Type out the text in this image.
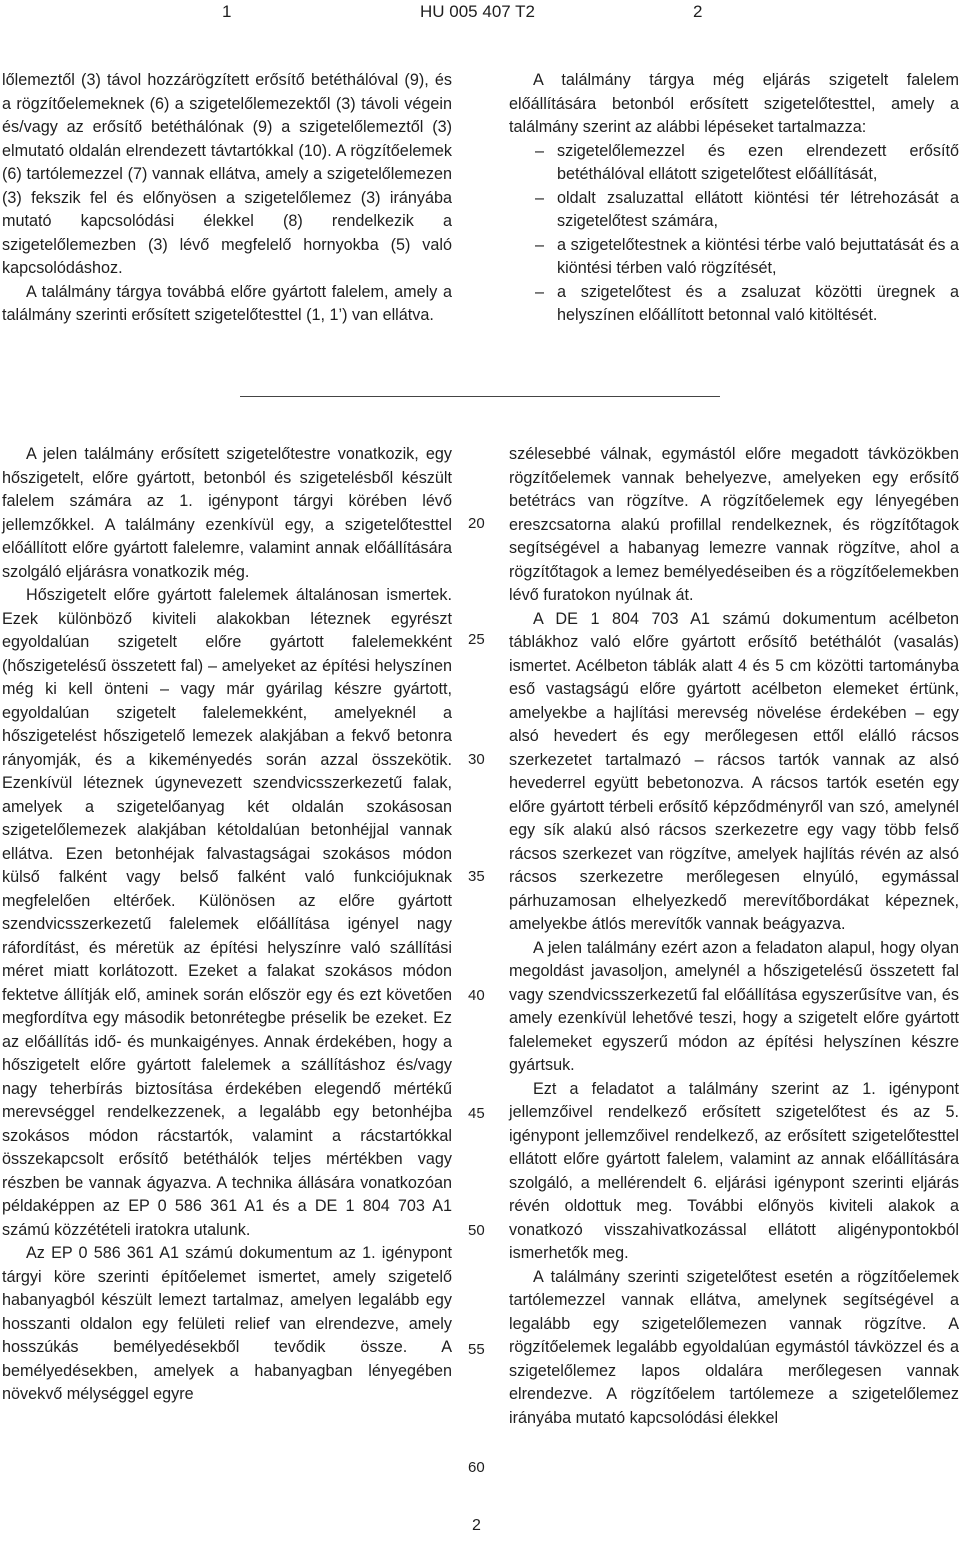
1	HU 005 407 T2	2

lőlemeztől (3) távol hozzárögzített erősítő betéthálóval (9), és a rögzítőelemeknek (6) a szigetelőlemezektől (3) távoli végein és/vagy az erősítő betéthálónak (9) a szigetelőlemeztől (3) elmutató oldalán elrendezett távtartókkal (10). A rögzítőelemek (6) tartólemezzel (7) vannak ellátva, amely a szigetelőlemezen (3) fekszik fel és előnyösen a szigetelőlemez (3) irányába mutató kapcsolódási élekkel (8) rendelkezik a szigetelőlemezben (3) lévő megfelelő hornyokba (5) való kapcsolódáshoz.

A találmány tárgya továbbá előre gyártott falelem, amely a találmány szerinti erősített szigetelőtesttel (1, 1’) van ellátva.

A találmány tárgya még eljárás szigetelt falelem előállítására betonból erősített szigetelőtesttel, amely a találmány szerint az alábbi lépéseket tartalmazza:

– szigetelőlemezzel és ezen elrendezett erősítő betéthálóval ellátott szigetelőtest előállítását,
– oldalt zsaluzattal ellátott kiöntési tér létrehozását a szigetelőtest számára,
– a szigetelőtestnek a kiöntési térbe való bejuttatását és a kiöntési térben való rögzítését,
– a szigetelőtest és a zsaluzat közötti üregnek a helyszínen előállított betonnal való kitöltését.

A jelen találmány erősített szigetelőtestre vonatkozik, egy hőszigetelt, előre gyártott, betonból és szigetelésből készült falelem számára az 1. igénypont tárgyi körében lévő jellemzőkkel. A találmány ezenkívül egy, a szigetelőtesttel előállított előre gyártott falelemre, valamint annak előállítására szolgáló eljárásra vonatkozik még.

Hőszigetelt előre gyártott falelemek általánosan ismertek. Ezek különböző kiviteli alakokban léteznek egyrészt egyoldalúan szigetelt előre gyártott falelemekként (hőszigetelésű összetett fal) – amelyeket az építési helyszínen még ki kell önteni – vagy már gyárilag készre gyártott, egyoldalúan szigetelt falelemekként, amelyeknél a hőszigetelést hőszigetelő lemezek alakjában a fekvő betonra rányomják, és a kikeményedés során azzal összekötik. Ezenkívül léteznek úgynevezett szendvicsszerkezetű falak, amelyek a szigetelőanyag két oldalán szokásosan szigetelőlemezek alakjában kétoldalúan betonhéjjal vannak ellátva. Ezen betonhéjak falvastagságai szokásos módon külső falként vagy belső falként való funkciójuknak megfelelően eltérőek. Különösen az előre gyártott szendvicsszerkezetű falelemek előállítása igényel nagy ráfordítást, és méretük az építési helyszínre való szállítási méret miatt korlátozott. Ezeket a falakat szokásos módon fektetve állítják elő, aminek során először egy és ezt követően megfordítva egy második betonrétegbe préselik be ezeket. Ez az előállítás idő- és munkaigényes. Annak érdekében, hogy a hőszigetelt előre gyártott falelemek a szállításhoz és/vagy nagy teherbírás biztosítása érdekében elegendő mértékű merevséggel rendelkezzenek, a legalább egy betonhéjba szokásos módon rácstartók, valamint a rácstartókkal összekapcsolt erősítő betéthálók teljes mértékben vagy részben be vannak ágyazva. A technika állására vonatkozóan példaképpen az EP 0 586 361 A1 és a DE 1 804 703 A1 számú közzétételi iratokra utalunk.

Az EP 0 586 361 A1 számú dokumentum az 1. igénypont tárgyi köre szerinti építőelemet ismertet, amely szigetelő habanyagból készült lemezt tartalmaz, amelyen legalább egy hosszanti oldalon egy felületi relief van elrendezve, amely hosszúkás bemélyedésekből tevődik össze. A bemélyedésekben, amelyek a habanyagban lényegében növekvő mélységgel egyre

szélesebbé válnak, egymástól előre megadott távközökben rögzítőelemek vannak behelyezve, amelyeken egy erősítő betétrács van rögzítve. A rögzítőelemek egy lényegében ereszcsatorna alakú profillal rendelkeznek, és rögzítőtagok segítségével a habanyag lemezre vannak rögzítve, ahol a rögzítőtagok a lemez bemélyedéseiben és a rögzítőelemekben lévő furatokon nyúlnak át.

A DE 1 804 703 A1 számú dokumentum acélbeton táblákhoz való előre gyártott erősítő betéthálót (vasalás) ismertet. Acélbeton táblák alatt 4 és 5 cm közötti tartományba eső vastagságú előre gyártott acélbeton elemeket értünk, amelyekbe a hajlítási merevség növelése érdekében – egy alsó hevedert és egy merőlegesen ettől elálló rácsos szerkezetet tartalmazó – rácsos tartók vannak az alsó hevederrel együtt bebetonozva. A rácsos tartók esetén egy előre gyártott térbeli erősítő képződményről van szó, amelynél egy sík alakú alsó rácsos szerkezetre egy vagy több felső rácsos szerkezet van rögzítve, amelyek hajlítás révén az alsó rácsos szerkezetre merőlegesen elnyúló, egymással párhuzamosan elhelyezkedő merevítőbordákat képeznek, amelyekbe átlós merevítők vannak beágyazva.

A jelen találmány ezért azon a feladaton alapul, hogy olyan megoldást javasoljon, amelynél a hőszigetelésű összetett fal vagy szendvicsszerkezetű fal előállítása egyszerűsítve van, és amely ezenkívül lehetővé teszi, hogy a szigetelt előre gyártott falelemeket egyszerű módon az építési helyszínen készre gyártsuk.

Ezt a feladatot a találmány szerint az 1. igénypont jellemzőivel rendelkező erősített szigetelőtest és az 5. igénypont jellemzőivel rendelkező, az erősített szigetelőtesttel ellátott előre gyártott falelem, valamint az annak előállítására szolgáló, a mellérendelt 6. eljárási igénypont szerinti eljárás révén oldottuk meg. További előnyös kiviteli alakok a vonatkozó visszahivatkozással ellátott aligénypontokból ismerhetők meg.

A találmány szerinti szigetelőtest esetén a rögzítőelemek tartólemezzel vannak ellátva, amelynek segítségével a legalább egy szigetelőlemezen vannak rögzítve. A rögzítőelemek legalább egyoldalúan egymástól távközzel és a szigetelőlemez lapos oldalára merőlegesen vannak elrendezve. A rögzítőelem tartólemeze a szigetelőlemez irányába mutató kapcsolódási élekkel

20
25
30
35
40
45
50
55
60
2
